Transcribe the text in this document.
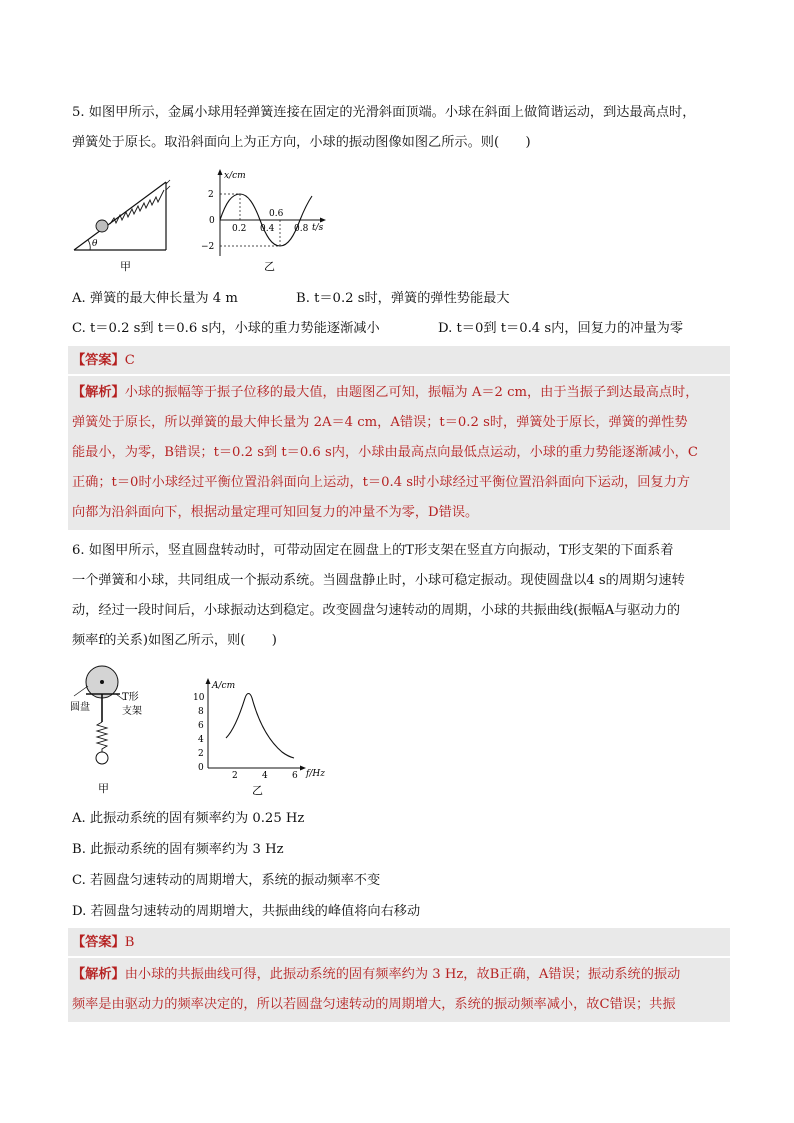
5. 如图甲所示，金属小球用轻弹簧连接在固定的光滑斜面顶端。小球在斜面上做简谐运动，到达最高点时，
弹簧处于原长。取沿斜面向上为正方向，小球的振动图像如图乙所示。则(　　)
θ
甲
x/cm
t/s
2
0
−2
0.2 0.4
0.6
0.8
乙
A. 弹簧的最大伸长量为 4 m	B. t＝0.2 s时，弹簧的弹性势能最大
C. t＝0.2 s到 t＝0.6 s内，小球的重力势能逐渐减小	D. t＝0到 t＝0.4 s内，回复力的冲量为零
【答案】C
【解析】小球的振幅等于振子位移的最大值，由题图乙可知，振幅为 A＝2 cm，由于当振子到达最高点时，
弹簧处于原长，所以弹簧的最大伸长量为 2A＝4 cm，A错误；t＝0.2 s时，弹簧处于原长，弹簧的弹性势
能最小，为零，B错误；t＝0.2 s到 t＝0.6 s内，小球由最高点向最低点运动，小球的重力势能逐渐减小，C
正确；t＝0时小球经过平衡位置沿斜面向上运动，t＝0.4 s时小球经过平衡位置沿斜面向下运动，回复力方
向都为沿斜面向下，根据动量定理可知回复力的冲量不为零，D错误。
6. 如图甲所示，竖直圆盘转动时，可带动固定在圆盘上的T形支架在竖直方向振动，T形支架的下面系着
一个弹簧和小球，共同组成一个振动系统。当圆盘静止时，小球可稳定振动。现使圆盘以4 s的周期匀速转
动，经过一段时间后，小球振动达到稳定。改变圆盘匀速转动的周期，小球的共振曲线(振幅A与驱动力的
频率f的关系)如图乙所示，则(　　)
圆盘
T形
支架
甲
A/cm
f/Hz
10
8
6
4
2
0
2	4	6
乙
A. 此振动系统的固有频率约为 0.25 Hz
B. 此振动系统的固有频率约为 3 Hz
C. 若圆盘匀速转动的周期增大，系统的振动频率不变
D. 若圆盘匀速转动的周期增大，共振曲线的峰值将向右移动
【答案】B
【解析】由小球的共振曲线可得，此振动系统的固有频率约为 3 Hz，故B正确，A错误；振动系统的振动
频率是由驱动力的频率决定的，所以若圆盘匀速转动的周期增大，系统的振动频率减小，故C错误；共振
